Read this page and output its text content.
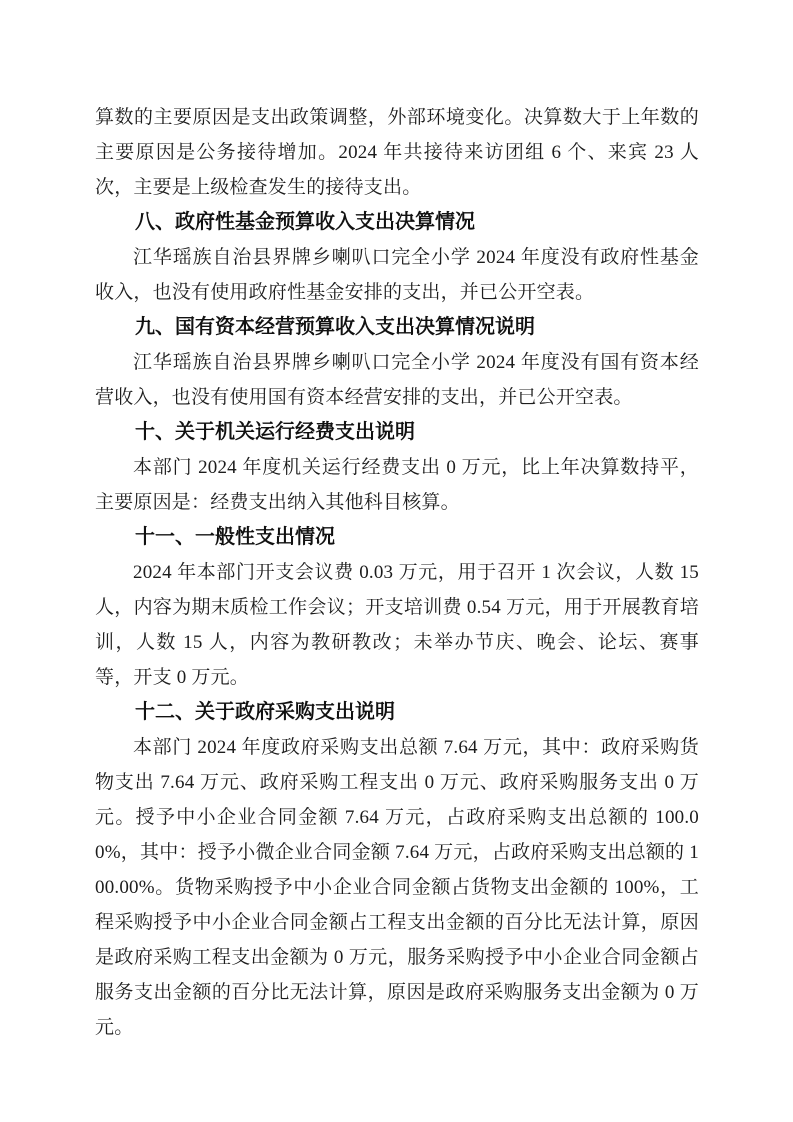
算数的主要原因是支出政策调整，外部环境变化。决算数大于上年数的主要原因是公务接待增加。2024 年共接待来访团组 6 个、来宾 23 人次，主要是上级检查发生的接待支出。

八、政府性基金预算收入支出决算情况

江华瑶族自治县界牌乡喇叭口完全小学 2024 年度没有政府性基金收入，也没有使用政府性基金安排的支出，并已公开空表。

九、国有资本经营预算收入支出决算情况说明

江华瑶族自治县界牌乡喇叭口完全小学 2024 年度没有国有资本经营收入，也没有使用国有资本经营安排的支出，并已公开空表。

十、关于机关运行经费支出说明

本部门 2024 年度机关运行经费支出 0 万元，比上年决算数持平，主要原因是：经费支出纳入其他科目核算。

十一、一般性支出情况

2024 年本部门开支会议费 0.03 万元，用于召开 1 次会议，人数 15 人，内容为期末质检工作会议；开支培训费 0.54 万元，用于开展教育培训，人数 15 人，内容为教研教改；未举办节庆、晚会、论坛、赛事等，开支 0 万元。

十二、关于政府采购支出说明

本部门 2024 年度政府采购支出总额 7.64 万元，其中：政府采购货物支出 7.64 万元、政府采购工程支出 0 万元、政府采购服务支出 0 万元。授予中小企业合同金额 7.64 万元，占政府采购支出总额的 100.00%，其中：授予小微企业合同金额 7.64 万元，占政府采购支出总额的 100.00%。货物采购授予中小企业合同金额占货物支出金额的 100%，工程采购授予中小企业合同金额占工程支出金额的百分比无法计算，原因是政府采购工程支出金额为 0 万元，服务采购授予中小企业合同金额占服务支出金额的百分比无法计算，原因是政府采购服务支出金额为 0 万元。
